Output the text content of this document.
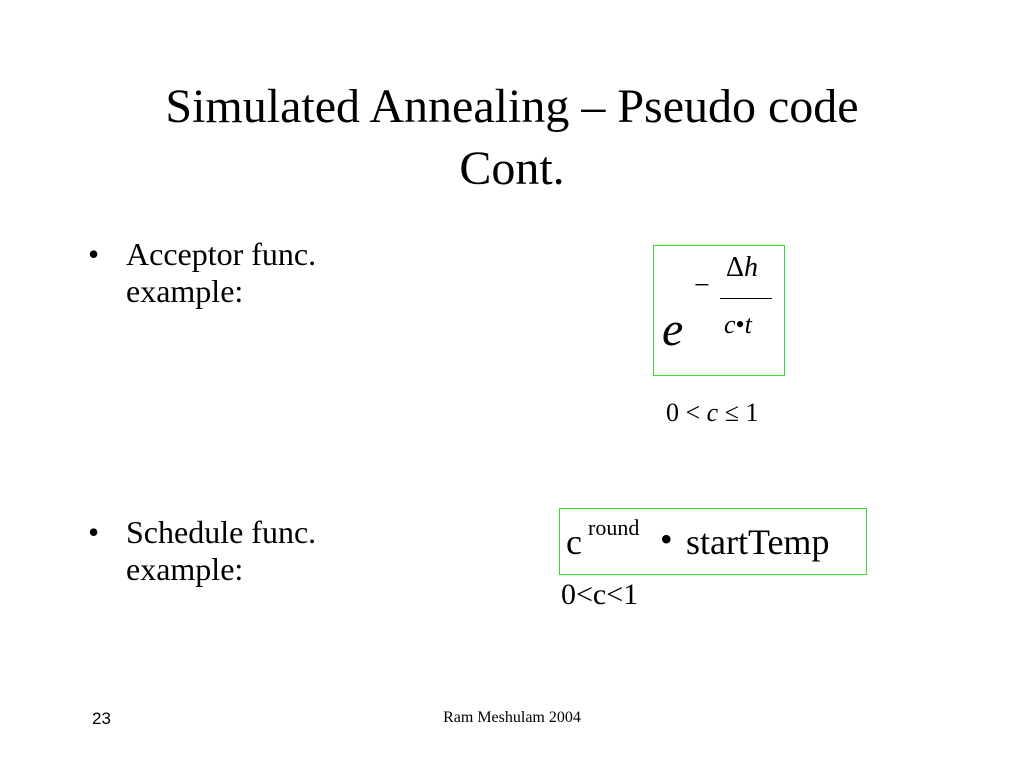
Simulated Annealing – Pseudo code
Cont.
• Acceptor func.
example:
e
−
Δh
c•t
0 < c ≤ 1
• Schedule func.
example:
c round • startTemp
0<c<1
23	Ram Meshulam 2004
